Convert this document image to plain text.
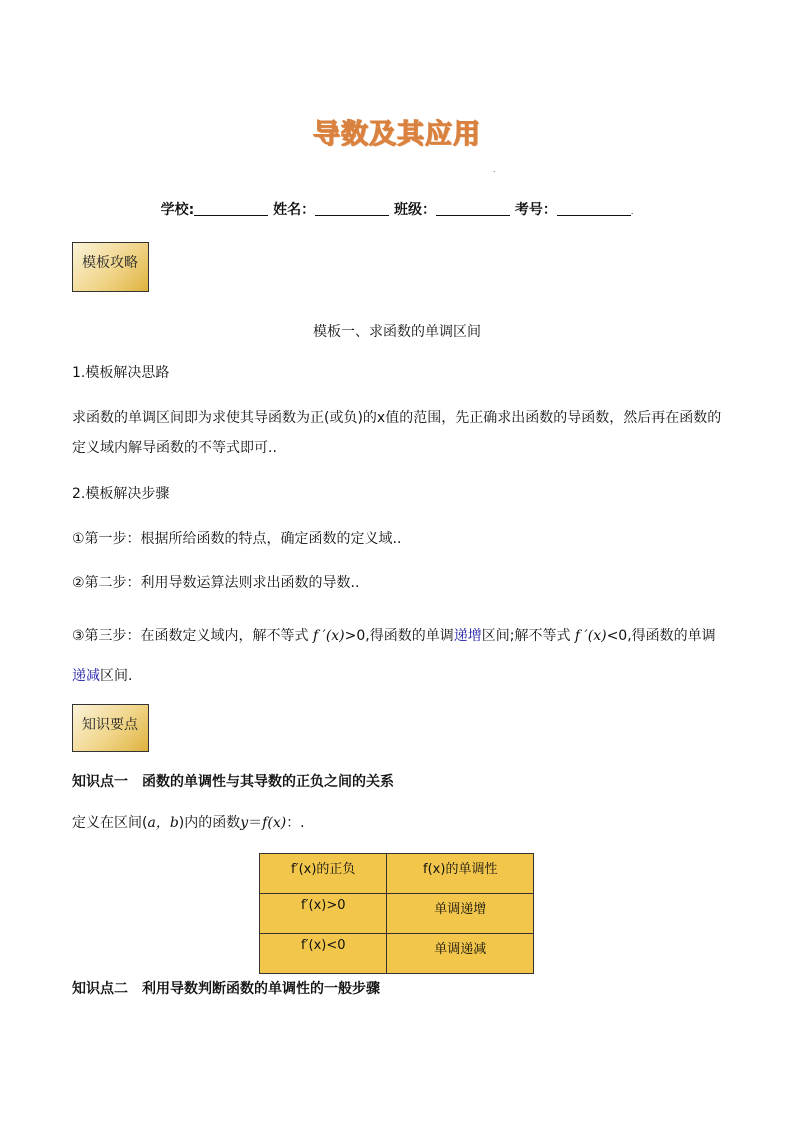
导数及其应用
.
学校:	姓名：	班级：	考号：	.
模板攻略
模板一、求函数的单调区间
1.模板解决思路
求函数的单调区间即为求使其导函数为正(或负)的x值的范围，先正确求出函数的导函数，然后再在函数的定义域内解导函数的不等式即可..
2.模板解决步骤
①第一步：根据所给函数的特点，确定函数的定义域..
②第二步：利用导数运算法则求出函数的导数..
③第三步：在函数定义域内，解不等式 f ′(x)>0,得函数的单调递增区间;解不等式 f ′(x)<0,得函数的单调递减区间.
知识要点
知识点一　函数的单调性与其导数的正负之间的关系
定义在区间(a，b)内的函数y＝f(x)：.
f′(x)的正负	f(x)的单调性
f′(x)>0	单调递增
f′(x)<0	单调递减
知识点二　利用导数判断函数的单调性的一般步骤
